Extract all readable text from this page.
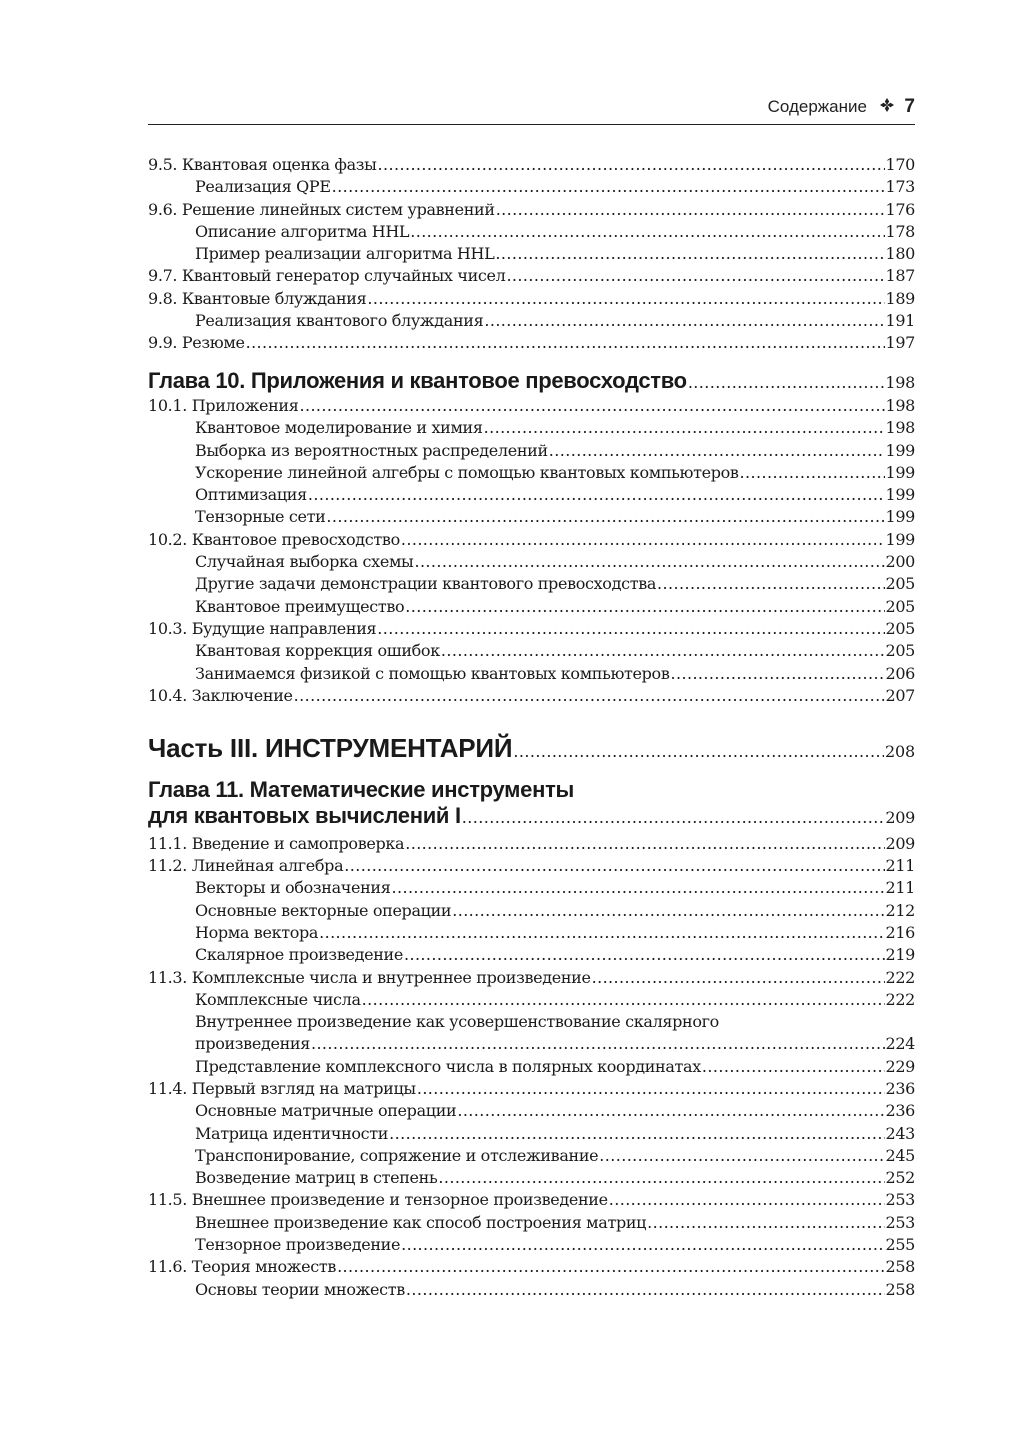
Содержание 7
9.5. Квантовая оценка фазы .....	170
Реализация QPE .....	173
9.6. Решение линейных систем уравнений .....	176
Описание алгоритма HHL .....	178
Пример реализации алгоритма HHL .....	180
9.7. Квантовый генератор случайных чисел .....	187
9.8. Квантовые блуждания .....	189
Реализация квантового блуждания .....	191
9.9. Резюме .....	197
Глава 10. Приложения и квантовое превосходство .....	198
10.1. Приложения .....	198
Квантовое моделирование и химия .....	198
Выборка из вероятностных распределений .....	199
Ускорение линейной алгебры с помощью квантовых компьютеров .....	199
Оптимизация .....	199
Тензорные сети .....	199
10.2. Квантовое превосходство .....	199
Случайная выборка схемы .....	200
Другие задачи демонстрации квантового превосходства .....	205
Квантовое преимущество .....	205
10.3. Будущие направления .....	205
Квантовая коррекция ошибок .....	205
Занимаемся физикой с помощью квантовых компьютеров .....	206
10.4. Заключение .....	207
Часть III. ИНСТРУМЕНТАРИЙ .....	208
Глава 11. Математические инструменты
для квантовых вычислений I .....	209
11.1. Введение и самопроверка .....	209
11.2. Линейная алгебра .....	211
Векторы и обозначения .....	211
Основные векторные операции .....	212
Норма вектора .....	216
Скалярное произведение .....	219
11.3. Комплексные числа и внутреннее произведение .....	222
Комплексные числа .....	222
Внутреннее произведение как усовершенствование скалярного
произведения .....	224
Представление комплексного числа в полярных координатах .....	229
11.4. Первый взгляд на матрицы .....	236
Основные матричные операции .....	236
Матрица идентичности .....	243
Транспонирование, сопряжение и отслеживание .....	245
Возведение матриц в степень .....	252
11.5. Внешнее произведение и тензорное произведение .....	253
Внешнее произведение как способ построения матриц .....	253
Тензорное произведение .....	255
11.6. Теория множеств .....	258
Основы теории множеств .....	258
